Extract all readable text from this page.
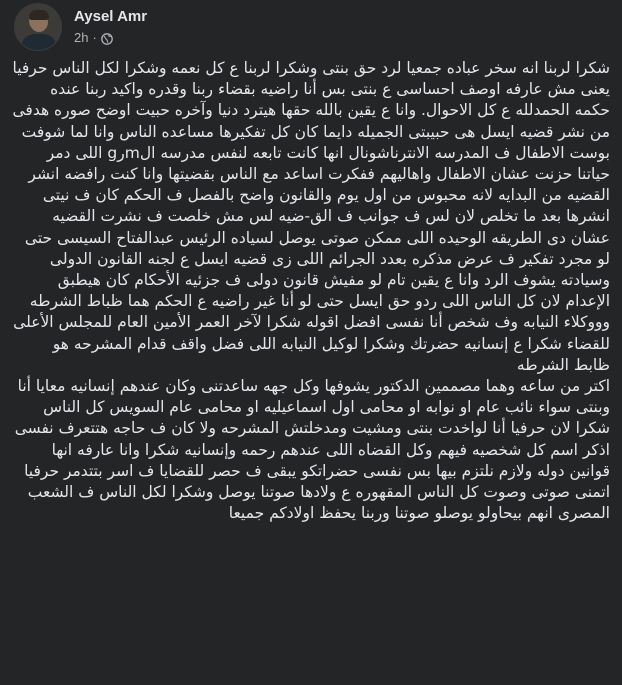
Aysel Amr
2h ·
شكرا لربنا انه سخر عباده جمعيا لرد حق بنتى وشكرا لربنا ع كل نعمه وشكرا لكل الناس حرفيا يعنى مش عارفه اوصف احساسى ع بنتى بس أنا راضيه بقضاء ربنا وقدره واكيد ربنا عنده حكمه الحمدلله ع كل الاحوال. وانا ع يقين بالله حقها هيترد دنيا وآخره حبيت اوضح صوره هدفى من نشر قضيه ايسل هى حبيبتى الجميله دايما كان كل تفكيرها مساعده الناس وانا لما شوفت بوست الاطفال ف المدرسه الانترناشونال انها كانت تابعه لنفس مدرسه الmرg اللى دمر حياتنا حزنت عشان الاطفال واهاليهم ففكرت اساعد مع الناس بقضيتها وانا كنت رافضه انشر القضيه من البدايه لانه محبوس من اول يوم والقانون واضح بالفصل ف الحكم كان ف نيتى انشرها بعد ما تخلص لان لس ف جوانب ف الق-ضيه لس مش خلصت ف نشرت القضيه عشان دى الطريقه الوحيده اللى ممكن صوتى يوصل لسياده الرئيس عبدالفتاح السيسى حتى لو مجرد تفكير ف عرض مذكره بعدد الجرائم اللى زى قضيه ايسل ع لجنه القانون الدولى وسيادته يشوف الرد وانا ع يقين تام لو مفيش قانون دولى ف جزئيه الأحكام كان هيطبق الإعدام لان كل الناس اللى ردو حق ايسل حتى لو أنا غير راضيه ع الحكم هما ظباط الشرطه وووكلاء النيابه وف شخص أنا نفسى افضل اقوله شكرا لآخر العمر الأمين العام للمجلس الأعلى للقضاء شكرا ع إنسانيه حضرتك وشكرا لوكيل النيابه اللى فضل واقف قدام المشرحه هو ظابط الشرطه
اكتر من ساعه وهما مصممين الدكتور يشوفها وكل جهه ساعدتنى وكان عندهم إنسانيه معايا أنا وبنتى سواء نائب عام او نوابه او محامى اول اسماعيليه او محامى عام السويس كل الناس شكرا لان حرفيا أنا لواخدت بنتى ومشيت ومدخلتش المشرحه ولا كان ف حاجه هتتعرف نفسى اذكر اسم كل شخصيه فيهم وكل القضاه اللى عندهم رحمه وإنسانيه شكرا وانا عارفه انها قوانين دوله ولازم نلتزم بيها بس نفسى حضراتكو يبقى ف حصر للقضايا ف اسر بتتدمر حرفيا اتمنى صوتى وصوت كل الناس المقهوره ع ولادها صوتنا يوصل وشكرا لكل الناس ف الشعب المصرى انهم بيحاولو يوصلو صوتنا وربنا يحفظ اولادكم جميعا
